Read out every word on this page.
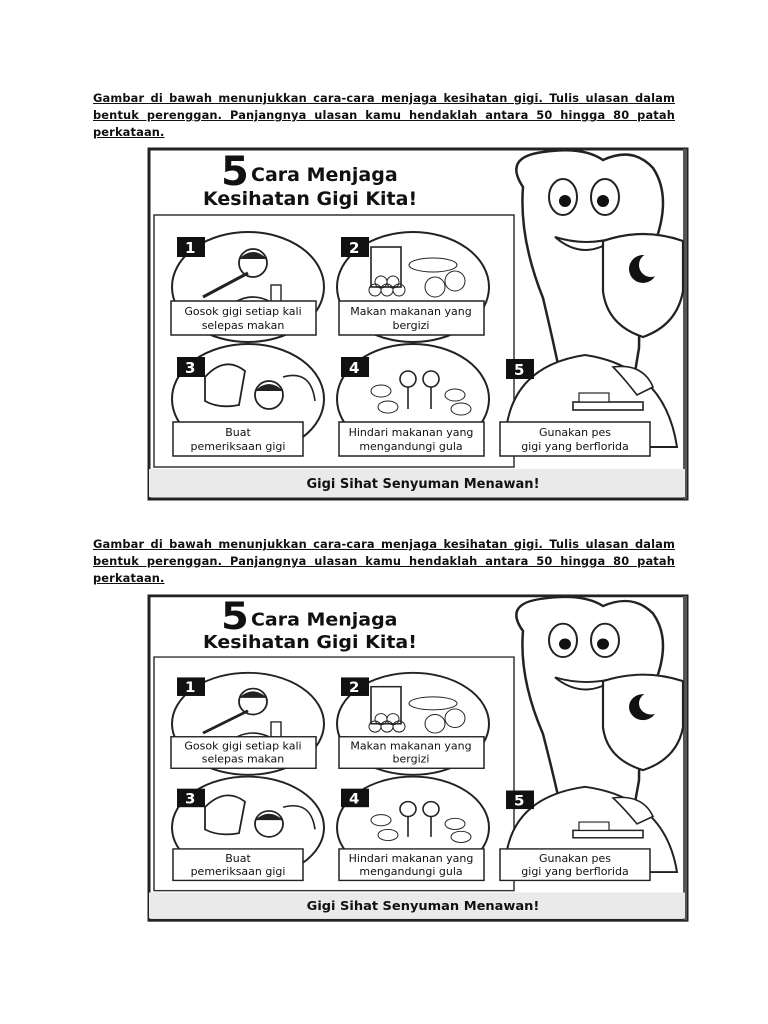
Gambar di bawah menunjukkan cara-cara menjaga kesihatan gigi. Tulis ulasan dalam bentuk perenggan. Panjangnya ulasan kamu hendaklah antara 50 hingga 80 patah perkataan.
5 Cara Menjaga
Kesihatan Gigi Kita!
1
Gosok gigi setiap kali
selepas makan
2
Makan makanan yang
bergizi
3
Buat
pemeriksaan gigi
4
Hindari makanan yang
mengandungi gula
5
Gunakan pes
gigi yang berflorida
Gigi Sihat Senyuman Menawan!
Gambar di bawah menunjukkan cara-cara menjaga kesihatan gigi. Tulis ulasan dalam bentuk perenggan. Panjangnya ulasan kamu hendaklah antara 50 hingga 80 patah perkataan.
5 Cara Menjaga
Kesihatan Gigi Kita!
1
Gosok gigi setiap kali
selepas makan
2
Makan makanan yang
bergizi
3
Buat
pemeriksaan gigi
4
Hindari makanan yang
mengandungi gula
5
Gunakan pes
gigi yang berflorida
Gigi Sihat Senyuman Menawan!
